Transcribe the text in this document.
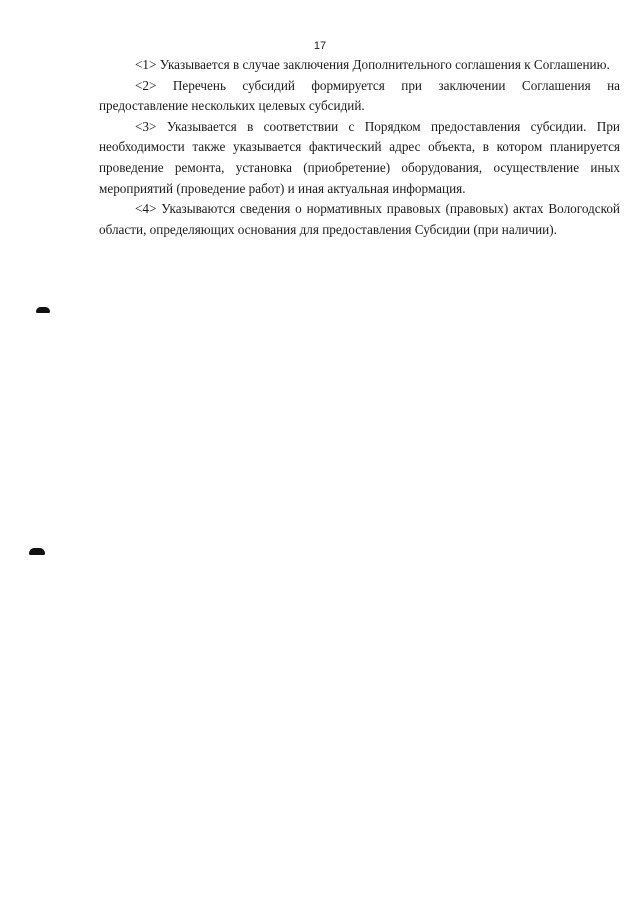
17

<1> Указывается в случае заключения Дополнительного соглашения к Соглашению.

<2> Перечень субсидий формируется при заключении Соглашения на предоставление нескольких целевых субсидий.

<3> Указывается в соответствии с Порядком предоставления субсидии. При необходимости также указывается фактический адрес объекта, в котором планируется проведение ремонта, установка (приобретение) оборудования, осуществление иных мероприятий (проведение работ) и иная актуальная информация.

<4> Указываются сведения о нормативных правовых (правовых) актах Вологодской области, определяющих основания для предоставления Субсидии (при наличии).
